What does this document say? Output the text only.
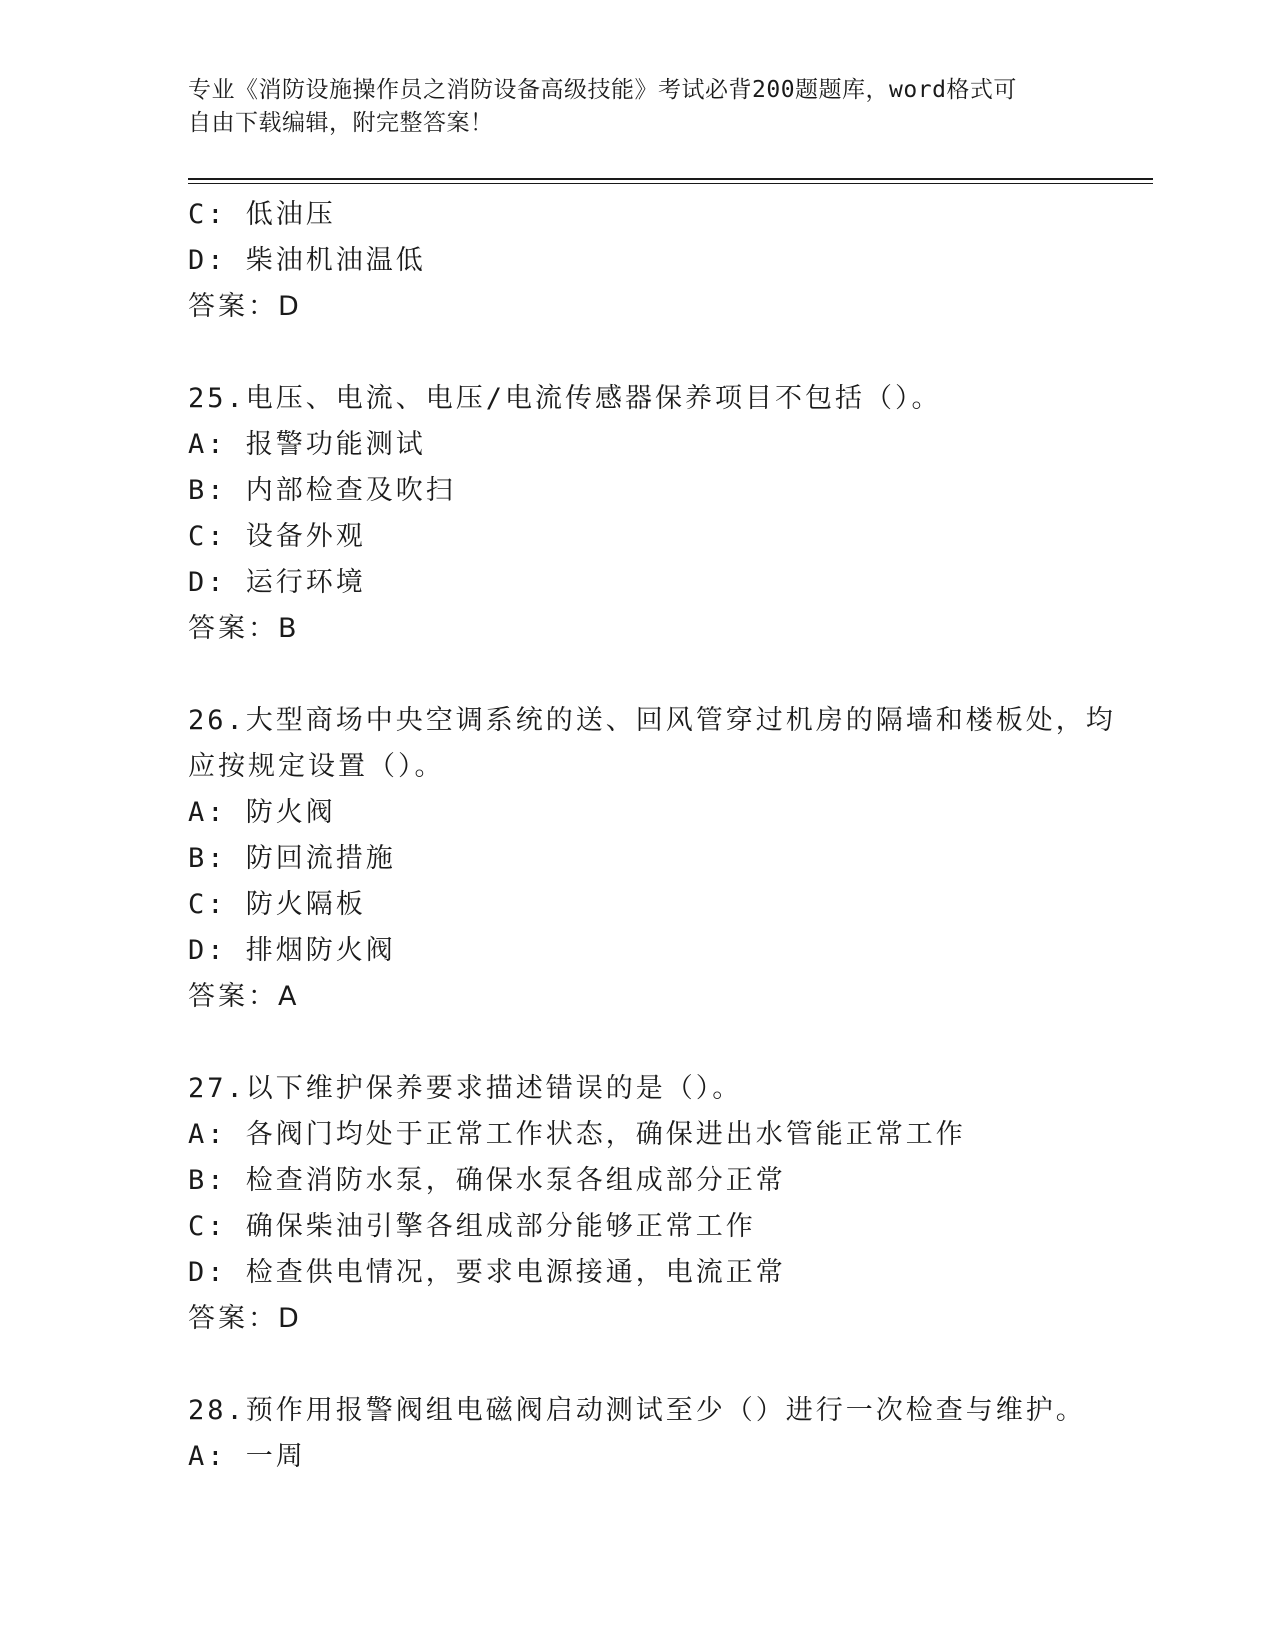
专业《消防设施操作员之消防设备高级技能》考试必背200题题库，word格式可
自由下载编辑，附完整答案！
C: 低油压
D: 柴油机油温低
答案：D
25.电压、电流、电压/电流传感器保养项目不包括（）。
A: 报警功能测试
B: 内部检查及吹扫
C: 设备外观
D: 运行环境
答案：B
26.大型商场中央空调系统的送、回风管穿过机房的隔墙和楼板处，均
应按规定设置（）。
A: 防火阀
B: 防回流措施
C: 防火隔板
D: 排烟防火阀
答案：A
27.以下维护保养要求描述错误的是（）。
A: 各阀门均处于正常工作状态，确保进出水管能正常工作
B: 检查消防水泵，确保水泵各组成部分正常
C: 确保柴油引擎各组成部分能够正常工作
D: 检查供电情况，要求电源接通，电流正常
答案：D
28.预作用报警阀组电磁阀启动测试至少（）进行一次检查与维护。
A: 一周
